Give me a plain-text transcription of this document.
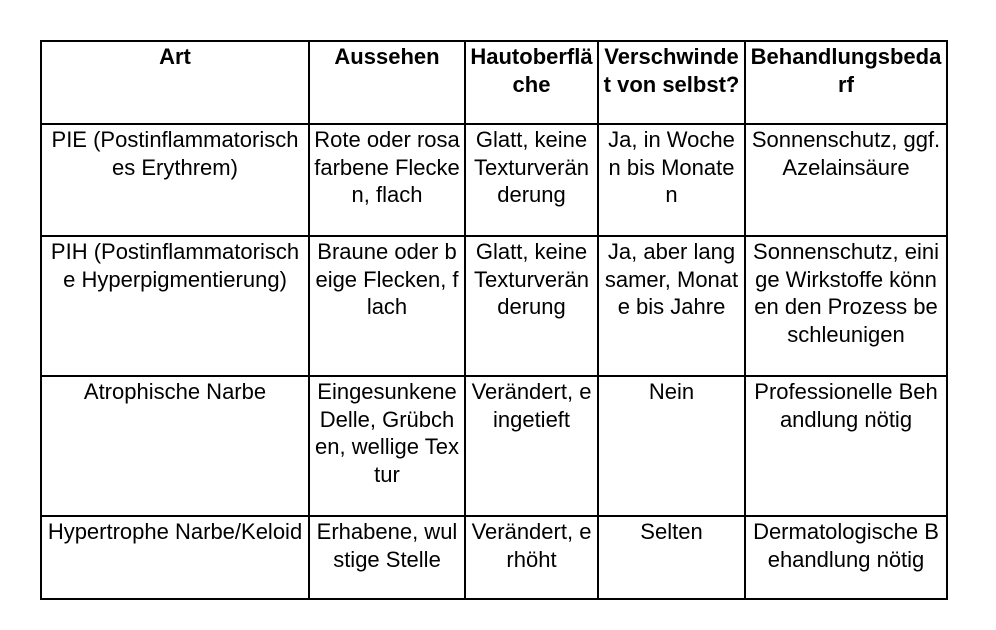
Art	Aussehen	Hautoberfläche	Verschwindet von selbst?	Behandlungsbedarf
PIE (Postinflammatorisches Erythrem)	Rote oder rosafarbene Flecken, flach	Glatt, keine Texturveränderung	Ja, in Wochen bis Monaten	Sonnenschutz, ggf. Azelainsäure
PIH (Postinflammatorische Hyperpigmentierung)	Braune oder beige Flecken, flach	Glatt, keine Texturveränderung	Ja, aber langsamer, Monate bis Jahre	Sonnenschutz, einige Wirkstoffe können den Prozess beschleunigen
Atrophische Narbe	Eingesunkene Delle, Grübchen, wellige Textur	Verändert, eingetieft	Nein	Professionelle Behandlung nötig
Hypertrophe Narbe/Keloid	Erhabene, wulstige Stelle	Verändert, erhöht	Selten	Dermatologische Behandlung nötig
